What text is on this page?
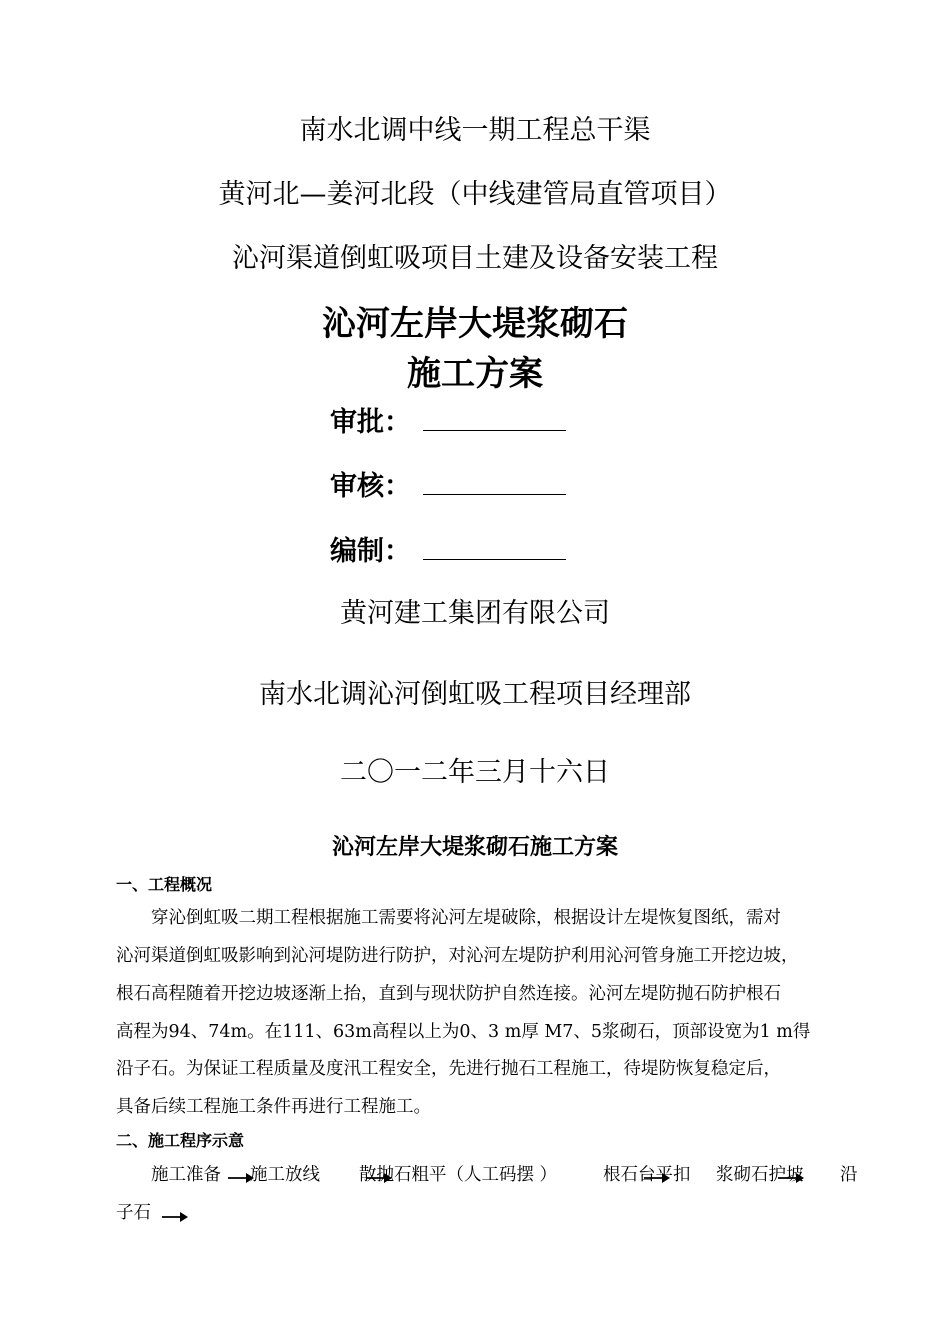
南水北调中线一期工程总干渠
黄河北—姜河北段（中线建管局直管项目）
沁河渠道倒虹吸项目土建及设备安装工程
沁河左岸大堤浆砌石
施工方案
审批：
审核：
编制：
黄河建工集团有限公司
南水北调沁河倒虹吸工程项目经理部
二〇一二年三月十六日
沁河左岸大堤浆砌石施工方案
一、工程概况
　　穿沁倒虹吸二期工程根据施工需要将沁河左堤破除，根据设计左堤恢复图纸，需对
沁河渠道倒虹吸影响到沁河堤防进行防护，对沁河左堤防护利用沁河管身施工开挖边坡，
根石高程随着开挖边坡逐渐上抬，直到与现状防护自然连接。沁河左堤防抛石防护根石
高程为94、74m。在111、63m高程以上为0、3 m厚 M7、5浆砌石，顶部设宽为1 m得
沿子石。为保证工程质量及度汛工程安全，先进行抛石工程施工，待堤防恢复稳定后，
具备后续工程施工条件再进行工程施工。
二、施工程序示意
施工准备 施工放线 散抛石粗平（人工码摆 ）	根石台平扣 浆砌石护坡 沿
子石
